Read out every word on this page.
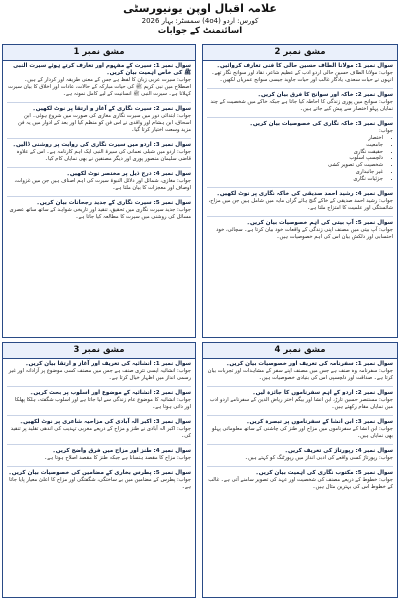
علامہ اقبال اوپن یونیورسٹی
کورس: اردو (4o4) سمسٹر: بہار 2026
اسائنمنٹ کے جوابات
مشق نمبر 1
سوال نمبر 1: سیرت کے مفہوم اور تعارف کرتے ہوئے سیرت النبی ﷺ کی خاص اہمیت بیان کریں۔
جواب: سیرت عربی زبان کا لفظ ہے جس کے معنی طریقہ اور کردار کے ہیں۔ اصطلاح میں نبی کریم ﷺ کی حیات مبارکہ کے حالات، عادات اور اخلاق کا بیان سیرت کہلاتا ہے۔ سیرت النبی ﷺ انسانیت کے لیے کامل نمونہ ہے۔
سوال نمبر 2: سیرت نگاری کے آغاز و ارتقا پر نوٹ لکھیں۔
جواب: ابتدائی دور میں سیرت نگاری مغازی کی صورت میں شروع ہوئی۔ ابن اسحاق، ابن ہشام اور واقدی نے اس فن کو منظم کیا اور بعد کے ادوار میں یہ فن مزید وسعت اختیار کرتا گیا۔
سوال نمبر 3: اردو میں سیرت نگاری کی روایت پر روشنی ڈالیں۔
جواب: اردو میں شبلی نعمانی کی سیرۃ النبی ایک اہم کارنامہ ہے۔ اس کے علاوہ قاضی سلیمان منصور پوری اور دیگر مصنفین نے بھی نمایاں کام کیا۔
سوال نمبر 4: درج ذیل پر مختصر نوٹ لکھیں۔
جواب: مغازی، شمائل اور دلائل النبوۃ سیرت کی اہم اصناف ہیں جن میں غزوات، اوصاف اور معجزات کا بیان ملتا ہے۔
سوال نمبر 5: سیرت نگاری کے جدید رجحانات بیان کریں۔
جواب: جدید سیرت نگاری میں تحقیق، تنقید اور تاریخی شواہد کے ساتھ ساتھ عصری مسائل کی روشنی میں سیرت کا مطالعہ کیا جاتا ہے۔
مشق نمبر 2
سوال نمبر 1: مولانا الطاف حسین حالی کا فنی تعارف کروائیں۔
جواب: مولانا الطاف حسین حالی اردو ادب کے عظیم شاعر، نقاد اور سوانح نگار تھے۔ انہوں نے حیات سعدی، یادگار غالب اور حیات جاوید جیسی سوانح عمریاں لکھیں۔
سوال نمبر 2: خاکہ اور سوانح کا فرق بیان کریں۔
جواب: سوانح میں پوری زندگی کا احاطہ کیا جاتا ہے جبکہ خاکے میں شخصیت کے چند نمایاں پہلو اختصار سے پیش کیے جاتے ہیں۔
سوال نمبر 3: خاکہ نگاری کی خصوصیات بیان کریں۔
جواب:
• اختصار
• جامعیت
• حقیقت نگاری
• دلچسپ اسلوب
• شخصیت کی تصویر کشی
• غیر جانبداری
• جزئیات نگاری
سوال نمبر 4: رشید احمد صدیقی کی خاکہ نگاری پر نوٹ لکھیں۔
جواب: رشید احمد صدیقی کے خاکے گنج ہائے گراں مایہ میں شامل ہیں جن میں مزاح، شائستگی اور علمیت کا امتزاج ملتا ہے۔
سوال نمبر 5: آپ بیتی کی اہم خصوصیات بیان کریں۔
جواب: آپ بیتی میں مصنف اپنی زندگی کے واقعات خود بیان کرتا ہے۔ سچائی، خود احتسابی اور دلکش بیان اس کی اہم خصوصیات ہیں۔
مشق نمبر 3
سوال نمبر 1: انشائیہ کی تعریف اور آغاز و ارتقا بیان کریں۔
جواب: انشائیہ ایسی نثری صنف ہے جس میں مصنف کسی موضوع پر آزادانہ اور غیر رسمی انداز میں اظہار خیال کرتا ہے۔
سوال نمبر 2: انشائیہ کے موضوع اور اسلوب پر بحث کریں۔
جواب: انشائیہ کا موضوع عام زندگی سے لیا جاتا ہے اور اسلوب شگفتہ، ہلکا پھلکا اور ذاتی ہوتا ہے۔
سوال نمبر 3: اکبر الہ آبادی کی مزاحیہ شاعری پر نوٹ لکھیں۔
جواب: اکبر الہ آبادی نے طنز و مزاح کے ذریعے مغربی تہذیب کی اندھی تقلید پر تنقید کی۔
سوال نمبر 4: طنز اور مزاح میں فرق واضح کریں۔
جواب: مزاح کا مقصد ہنسانا ہے جبکہ طنز کا مقصد اصلاح ہوتا ہے۔
سوال نمبر 5: پطرس بخاری کے مضامین کی خصوصیات بیان کریں۔
جواب: پطرس کے مضامین میں بے ساختگی، شگفتگی اور مزاح کا اعلیٰ معیار پایا جاتا ہے۔
مشق نمبر 4
سوال نمبر 1: سفرنامہ کی تعریف اور خصوصیات بیان کریں۔
جواب: سفرنامہ وہ صنف ہے جس میں مصنف اپنے سفر کے مشاہدات اور تجربات بیان کرتا ہے۔ صداقت اور دلچسپی اس کی بنیادی خصوصیات ہیں۔
سوال نمبر 2: اردو کے اہم سفرناموں کا جائزہ لیں۔
جواب: مستنصر حسین تارڑ، ابن انشا اور بیگم اختر ریاض الدین کے سفرنامے اردو ادب میں نمایاں مقام رکھتے ہیں۔
سوال نمبر 3: ابن انشا کے سفرناموں پر تبصرہ کریں۔
جواب: ابن انشا کے سفرناموں میں مزاح اور طنز کی چاشنی کے ساتھ معلوماتی پہلو بھی نمایاں ہیں۔
سوال نمبر 4: رپورتاژ کی تعریف کریں۔
جواب: رپورتاژ کسی واقعے کی ادبی انداز میں رپورٹنگ کو کہتے ہیں۔
سوال نمبر 5: مکتوب نگاری کی اہمیت بیان کریں۔
جواب: خطوط کے ذریعے مصنف کی شخصیت اور عہد کی تصویر سامنے آتی ہے۔ غالب کے خطوط اس کی بہترین مثال ہیں۔
